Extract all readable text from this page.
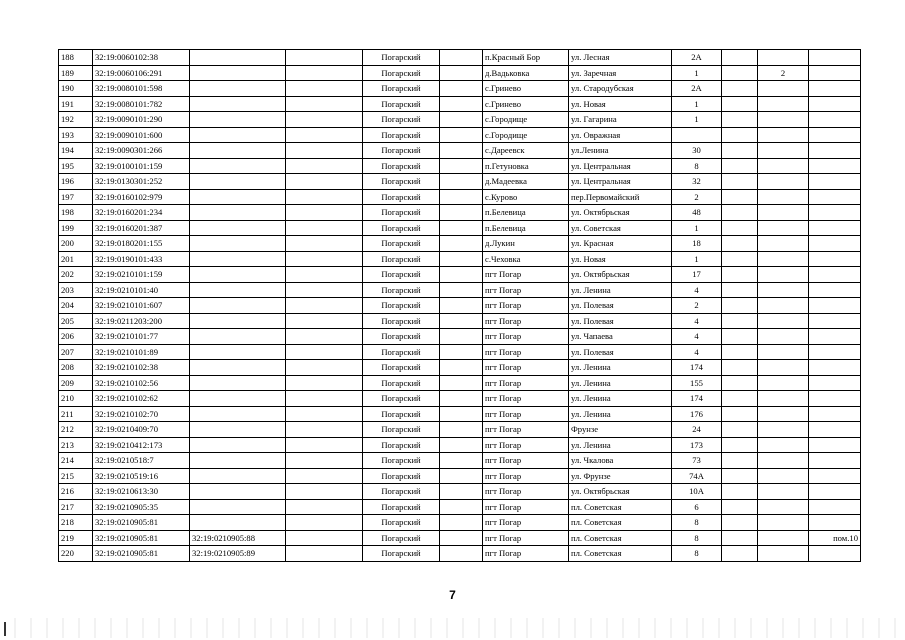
188	32:19:0060102:38			Погарский		п.Красный Бор	ул. Лесная	2А			
189	32:19:0060106:291			Погарский		д.Вадьковка	ул. Заречная	1		2	
190	32:19:0080101:598			Погарский		с.Гринево	ул. Стародубская	2А			
191	32:19:0080101:782			Погарский		с.Гринево	ул. Новая	1			
192	32:19:0090101:290			Погарский		с.Городище	ул. Гагарина	1			
193	32:19:0090101:600			Погарский		с.Городище	ул. Овражная				
194	32:19:0090301:266			Погарский		с.Дареевск	ул.Ленина	30			
195	32:19:0100101:159			Погарский		п.Гетуновка	ул. Центральная	8			
196	32:19:0130301:252			Погарский		д.Мадеевка	ул. Центральная	32			
197	32:19:0160102:979			Погарский		с.Курово	пер.Первомайский	2			
198	32:19:0160201:234			Погарский		п.Белевица	ул. Октябрьская	48			
199	32:19:0160201:387			Погарский		п.Белевица	ул. Советская	1			
200	32:19:0180201:155			Погарский		д.Лукин	ул. Красная	18			
201	32:19:0190101:433			Погарский		с.Чеховка	ул. Новая	1			
202	32:19:0210101:159			Погарский		пгт Погар	ул. Октябрьская	17			
203	32:19:0210101:40			Погарский		пгт Погар	ул. Ленина	4			
204	32:19:0210101:607			Погарский		пгт Погар	ул. Полевая	2			
205	32:19:0211203:200			Погарский		пгт Погар	ул. Полевая	4			
206	32:19:0210101:77			Погарский		пгт Погар	ул. Чапаева	4			
207	32:19:0210101:89			Погарский		пгт Погар	ул. Полевая	4			
208	32:19:0210102:38			Погарский		пгт Погар	ул. Ленина	174			
209	32:19:0210102:56			Погарский		пгт Погар	ул. Ленина	155			
210	32:19:0210102:62			Погарский		пгт Погар	ул. Ленина	174			
211	32:19:0210102:70			Погарский		пгт Погар	ул. Ленина	176			
212	32:19:0210409:70			Погарский		пгт Погар	Фрунзе	24			
213	32:19:0210412:173			Погарский		пгт Погар	ул. Ленина	173			
214	32:19:0210518:7			Погарский		пгт Погар	ул. Чкалова	73			
215	32:19:0210519:16			Погарский		пгт Погар	ул. Фрунзе	74А			
216	32:19:0210613:30			Погарский		пгт Погар	ул. Октябрьская	10А			
217	32:19:0210905:35			Погарский		пгт Погар	пл. Советская	6			
218	32:19:0210905:81			Погарский		пгт Погар	пл. Советская	8			
219	32:19:0210905:81	32:19:0210905:88		Погарский		пгт Погар	пл. Советская	8			пом.10
220	32:19:0210905:81	32:19:0210905:89		Погарский		пгт Погар	пл. Советская	8			
7
